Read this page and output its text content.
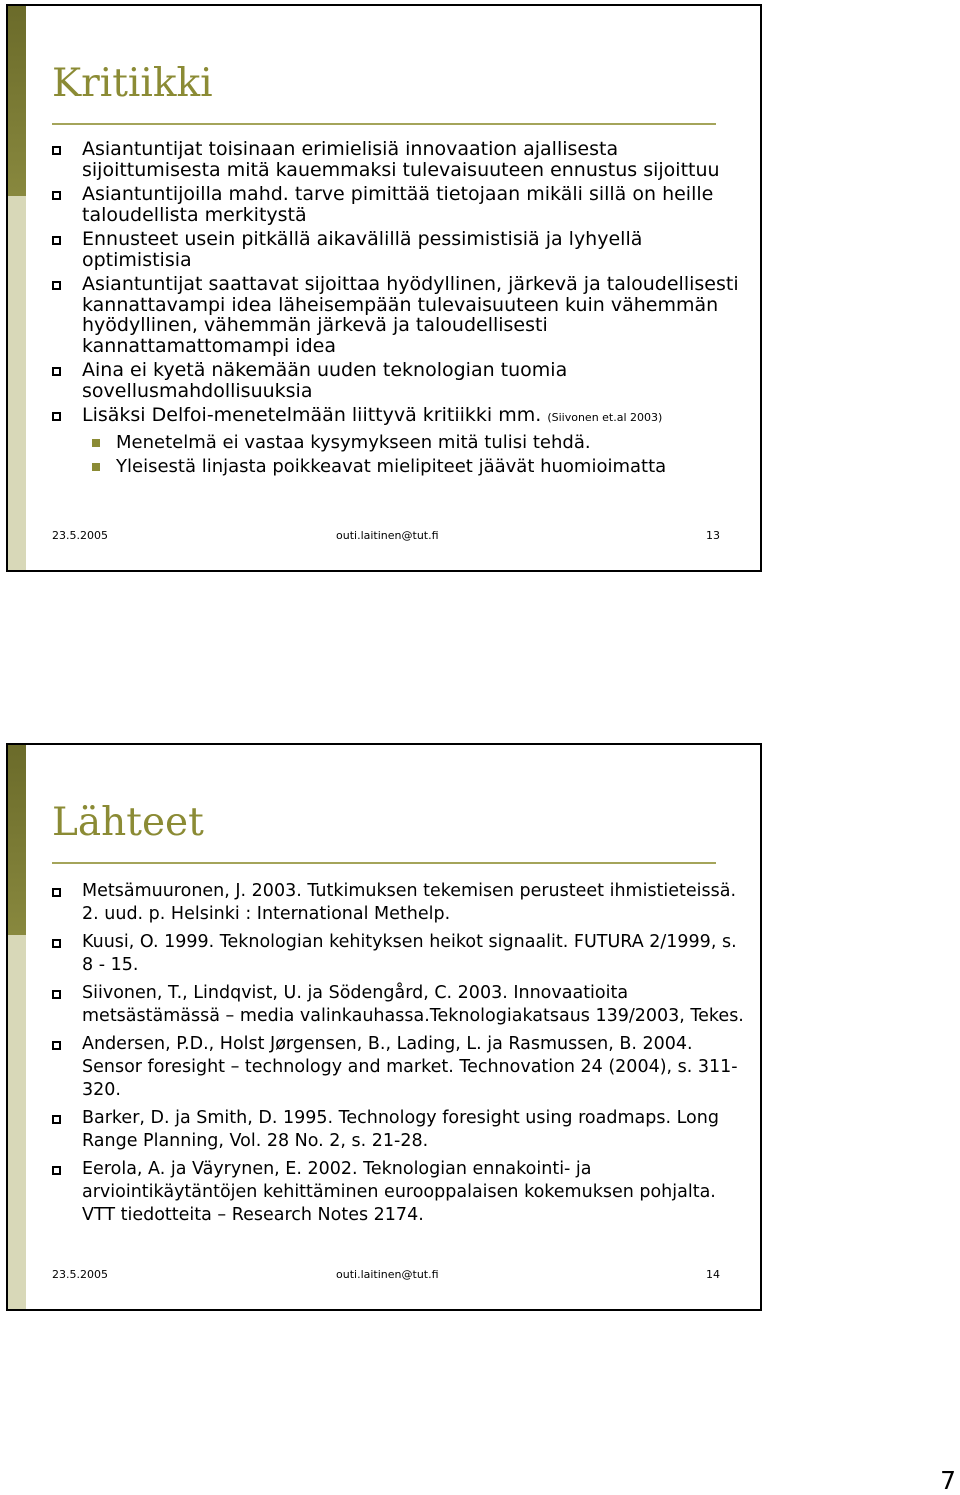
Kritiikki
Asiantuntijat toisinaan erimielisiä innovaation ajallisesta sijoittumisesta mitä kauemmaksi tulevaisuuteen ennustus sijoittuu
Asiantuntijoilla mahd. tarve pimittää tietojaan mikäli sillä on heille taloudellista merkitystä
Ennusteet usein pitkällä aikavälillä pessimistisiä ja lyhyellä optimistisia
Asiantuntijat saattavat sijoittaa hyödyllinen, järkevä ja taloudellisesti kannattavampi idea läheisempään tulevaisuuteen kuin vähemmän hyödyllinen, vähemmän järkevä ja taloudellisesti kannattamattomampi idea
Aina ei kyetä näkemään uuden teknologian tuomia sovellusmahdollisuuksia
Lisäksi Delfoi-menetelmään liittyvä kritiikki mm. (Siivonen et.al 2003)
Menetelmä ei vastaa kysymykseen mitä tulisi tehdä.
Yleisestä linjasta poikkeavat mielipiteet jäävät huomioimatta
23.5.2005	outi.laitinen@tut.fi	13
Lähteet
Metsämuuronen, J. 2003. Tutkimuksen tekemisen perusteet ihmistieteissä. 2. uud. p. Helsinki : International Methelp.
Kuusi, O. 1999. Teknologian kehityksen heikot signaalit. FUTURA 2/1999, s. 8 - 15.
Siivonen, T., Lindqvist, U. ja Södengård, C. 2003. Innovaatioita metsästämässä – media valinkauhassa.Teknologiakatsaus 139/2003, Tekes.
Andersen, P.D., Holst Jørgensen, B., Lading, L. ja Rasmussen, B. 2004. Sensor foresight – technology and market. Technovation 24 (2004), s. 311-320.
Barker, D. ja Smith, D. 1995. Technology foresight using roadmaps. Long Range Planning, Vol. 28 No. 2, s. 21-28.
Eerola, A. ja Väyrynen, E. 2002. Teknologian ennakointi- ja arviointikäytäntöjen kehittäminen eurooppalaisen kokemuksen pohjalta. VTT tiedotteita – Research Notes 2174.
23.5.2005	outi.laitinen@tut.fi	14
7
